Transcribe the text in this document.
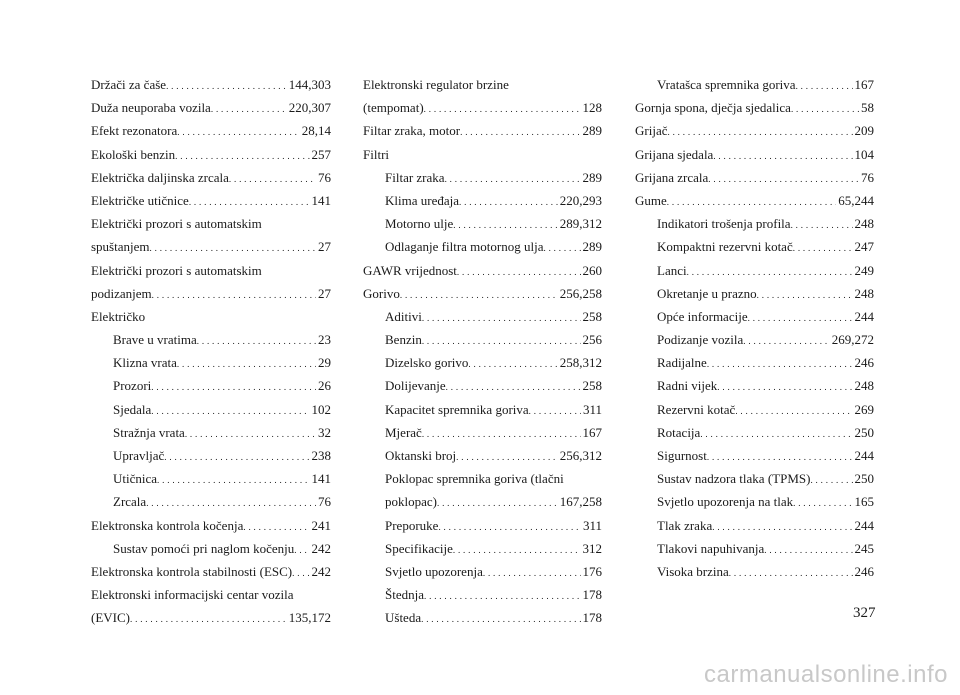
Držači za čaše . . .	144,303
Duža neuporaba vozila . . .	220,307
Efekt rezonatora . . .	28,14
Ekološki benzin . . .	257
Električka daljinska zrcala . . .	76
Električke utičnice . . .	141
Električki prozori s automatskim
spuštanjem . . .	27
Električki prozori s automatskim
podizanjem . . .	27
Električko
Brave u vratima . . .	23
Klizna vrata . . .	29
Prozori . . .	26
Sjedala . . .	102
Stražnja vrata . . .	32
Upravljač . . .	238
Utičnica . . .	141
Zrcala . . .	76
Elektronska kontrola kočenja . . .	241
Sustav pomoći pri naglom kočenju . . . 242
Elektronska kontrola stabilnosti (ESC) . . . 242
Elektronski informacijski centar vozila
(EVIC) . . .	135,172
Elektronski regulator brzine
(tempomat) . . .	128
Filtar zraka, motor . . .	289
Filtri
Filtar zraka . . .	289
Klima uređaja . . .	220,293
Motorno ulje . . .	289,312
Odlaganje filtra motornog ulja . . .	289
GAWR vrijednost . . .	260
Gorivo . . .	256,258
Aditivi . . .	258
Benzin . . .	256
Dizelsko gorivo . . .	258,312
Dolijevanje . . .	258
Kapacitet spremnika goriva . . .	311
Mjerač . . .	167
Oktanski broj . . .	256,312
Poklopac spremnika goriva (tlačni
poklopac) . . .	167,258
Preporuke . . .	311
Specifikacije . . .	312
Svjetlo upozorenja . . .	176
Štednja . . .	178
Ušteda . . .	178
Vratašca spremnika goriva . . .	167
Gornja spona, dječja sjedalica . . .	58
Grijač . . .	209
Grijana sjedala . . .	104
Grijana zrcala . . .	76
Gume . . .	65,244
Indikatori trošenja profila . . .	248
Kompaktni rezervni kotač . . .	247
Lanci . . .	249
Okretanje u prazno . . .	248
Opće informacije . . .	244
Podizanje vozila . . .	269,272
Radijalne . . .	246
Radni vijek . . .	248
Rezervni kotač . . .	269
Rotacija . . .	250
Sigurnost . . .	244
Sustav nadzora tlaka (TPMS) . . .	250
Svjetlo upozorenja na tlak . . .	165
Tlak zraka . . .	244
Tlakovi napuhivanja . . .	245
Visoka brzina . . .	246
327
carmanualsonline.info
